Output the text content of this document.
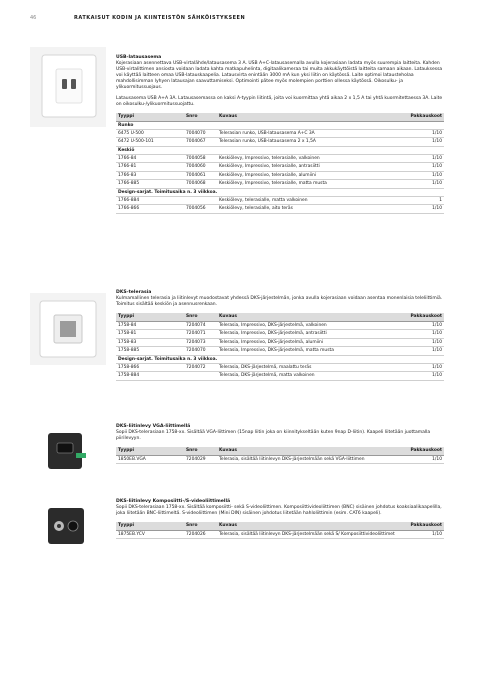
46	RATKAISUT KODIN JA KIINTEISTÖN SÄHKÖISTYKSEEN
USB-latausasema
Kojerasiaan asennettava USB-virtalähde/latausasema 3 A. USB A+C-latausasemalla avulla kojerasiaan ladata myös suurempia laitteita. Kahden USB-virtalittimen ansiosta voidaan ladata kahta matkapuhelinta, digitaalikameraa tai muita akkukäyttöistä laitteita samaan aikaan. Latauksessa voi käyttää laitteen omaa USB-latauskaapelia. Latausvirta enintään 3000 mA kun yksi liitin on käytössä. Laite optimoi latausteholaa mahdollisimman lyhyen latausajan saavuttamiseksi. Optimointi pätee myös molempien porttien ollessa käytössä. Oikosulku- ja ylikuormitussuojaus.
Latausasema USB A+A 3A. Latausasemassa on kaksi A-tyypin liitintä, joita voi kuormittaa yhtä aikaa 2 x 1,5 A tai yhtä kuormitettaessa 3A. Laite on oikosulku-/ylikuormitussuojattu.
Tyyppi	Snro	Kuvaus	Pakkauskoot
Runko			
6475 U-500	7004070	Telerasian runko, USB-latausasema A+C 3A	1/10
6472 U-500-101	7004067	Telerasian runko, USB-latausasema 2 x 1,5A	1/10
Keskiö			
1766-84	7004058	Keskiölevy, Impressivo, telerasialle, valkoinen	1/10
1766-81	7004060	Keskiölevy, Impressivo, telerasialle, antrasiitti	1/10
1766-83	7004061	Keskiölevy, Impressivo, telerasialle, alumiini	1/10
1766-885	7004068	Keskiölevy, Impressivo, telerasialle, matta musta	1/10
Design-sarjat. Toimitusaika n. 3 viikkoa.			
1766-884		Keskiölevy, telerasialle, matta valkoinen	1
1766-866	7004056	Keskiölevy, telerasialle, aito teräs	1/10
DKS-telerasia
Kulmamallinen telerasia ja liitinlevyt muodostavat yhdessä DKS-järjestelmän, jonka avulla kojerasiaan voidaan asentaa monenlaisia teleliittimiä. Toimitus sisältää keskiön ja asennusrenkaan.
Tyyppi	Snro	Kuvaus	Pakkauskoot
1758-84	7204074	Telerasia, Impressivo, DKS-järjestelmä, valkoinen	1/10
1758-81	7204071	Telerasia, Impressivo, DKS-järjestelmä, antrasiitti	1/10
1758-83	7204073	Telerasia, Impressivo, DKS-järjestelmä, alumiini	1/10
1758-885	7204070	Telerasia, Impressivo, DKS-järjestelmä, matta musta	1/10
Design-sarjat. Toimitusaika n. 3 viikkoa.			
1758-866	7204072	Telerasia, DKS-järjestelmä, maalattu teräs	1/10
1758-884		Telerasia, DKS-järjestelmä, matta valkoinen	1/10
DKS-liitinlevy VGA-liittimellä
Sopii DKS-telerasiaan 1758-xx. Sisältää VGA-liittimen (15nap liitin joka on kiinnitykseltään kuten 9nap D-liitin). Kaapeli liitetään juottamalla piirilevyyn.
Tyyppi	Snro	Kuvaus	Pakkauskoot
1850EB.VGA	7204029	Telerasia, sisältää liitinlevyn DKS-järjestelmään sekä VGA-liittimen	1/10
DKS-liitinlevy Komposiitti-/S-videoliittimellä
Sopii DKS-telerasiaan 1758-xx. Sisältää komposiitti- sekä S-videoliittimen. Komposiittivideoliittimen (BNC) sisäinen johdotus koaksiaalikaapelilla, joka liitetään BNC-liittimeltä. S-videoliittimen (Mini DIN) sisäinen johdotus liitetään hahloliittimin (esim. CAT6 kaapeli).
Tyyppi	Snro	Kuvaus	Pakkauskoot
1875EB.YCV	7204026	Telerasia, sisältää liitinlevyn DKS-järjestelmään sekä S/ Komposiittivideoliittimet	1/10
